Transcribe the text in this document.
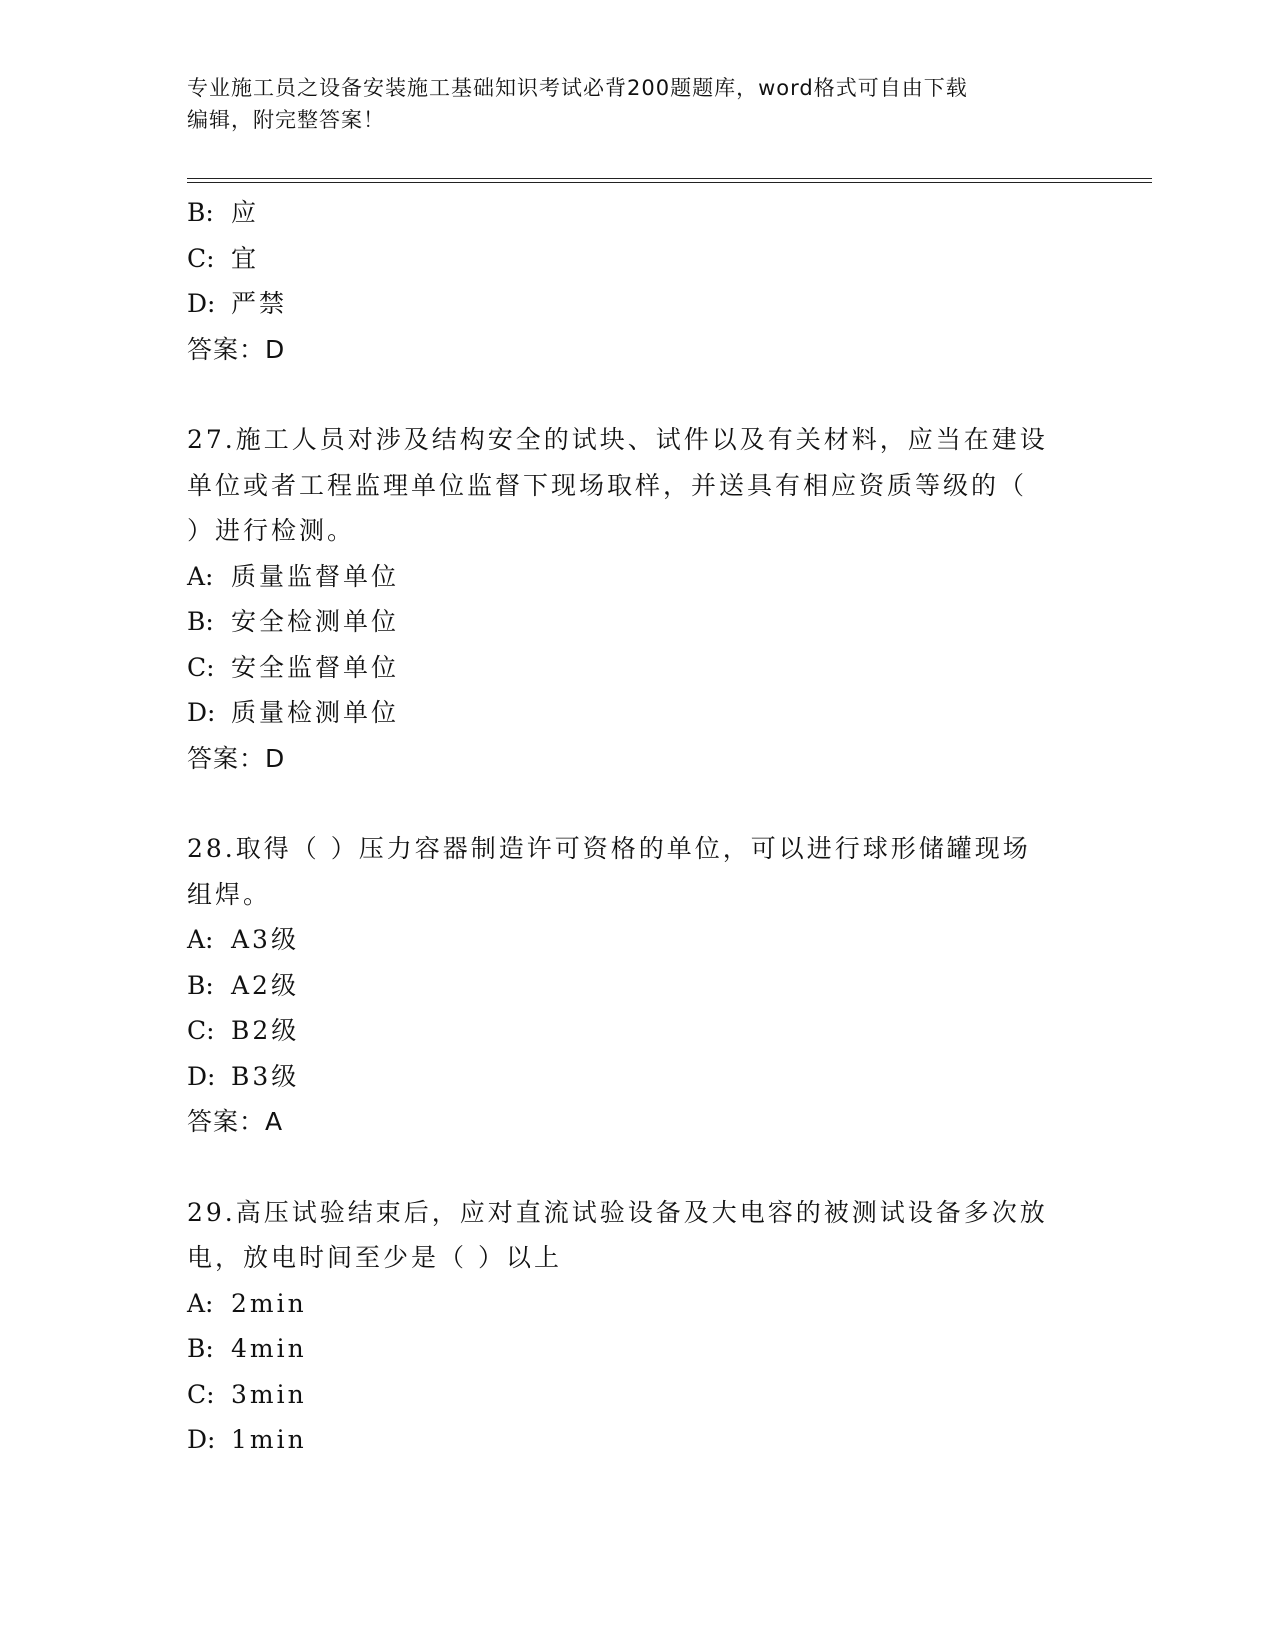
专业施工员之设备安装施工基础知识考试必背200题题库，word格式可自由下载
编辑，附完整答案！
B: 应
C: 宜
D: 严禁
答案：D
27.施工人员对涉及结构安全的试块、试件以及有关材料，应当在建设
单位或者工程监理单位监督下现场取样，并送具有相应资质等级的（
）进行检测。
A: 质量监督单位
B: 安全检测单位
C: 安全监督单位
D: 质量检测单位
答案：D
28.取得（ ）压力容器制造许可资格的单位，可以进行球形储罐现场
组焊。
A: A3级
B: A2级
C: B2级
D: B3级
答案：A
29.高压试验结束后，应对直流试验设备及大电容的被测试设备多次放
电，放电时间至少是（ ）以上
A: 2min
B: 4min
C: 3min
D: 1min
